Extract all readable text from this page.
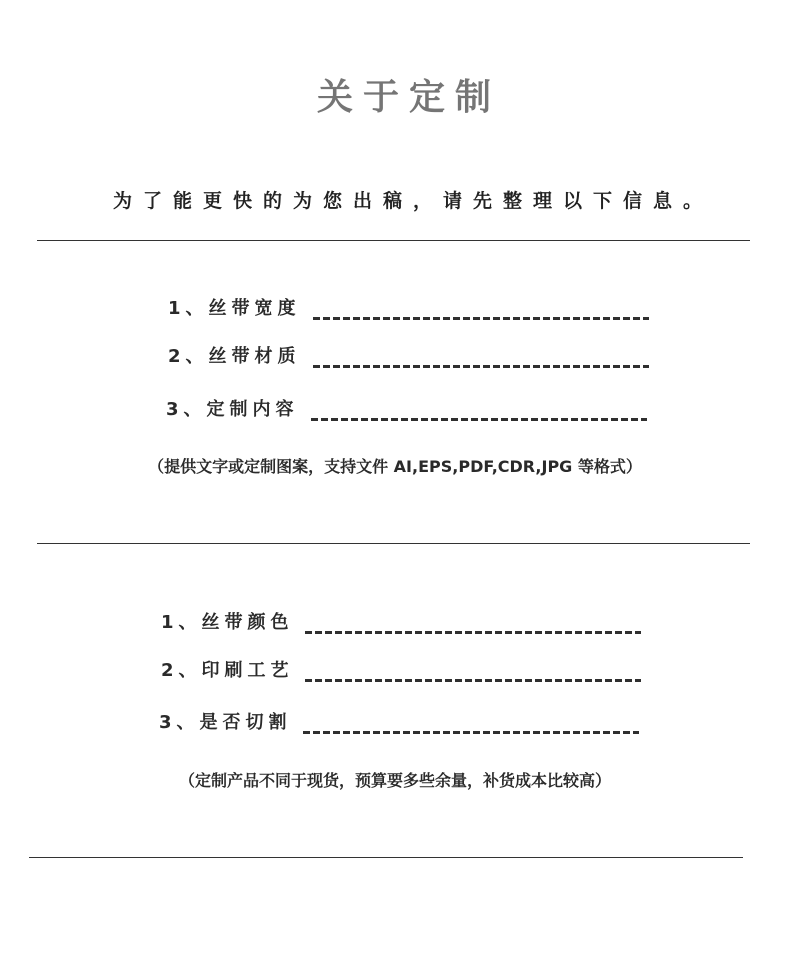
关于定制
为了能更快的为您出稿，请先整理以下信息。
1、丝带宽度
2、丝带材质
3、定制内容
（提供文字或定制图案，支持文件 AI,EPS,PDF,CDR,JPG 等格式）
1、丝带颜色
2、印刷工艺
3、是否切割
（定制产品不同于现货，预算要多些余量，补货成本比较高）
